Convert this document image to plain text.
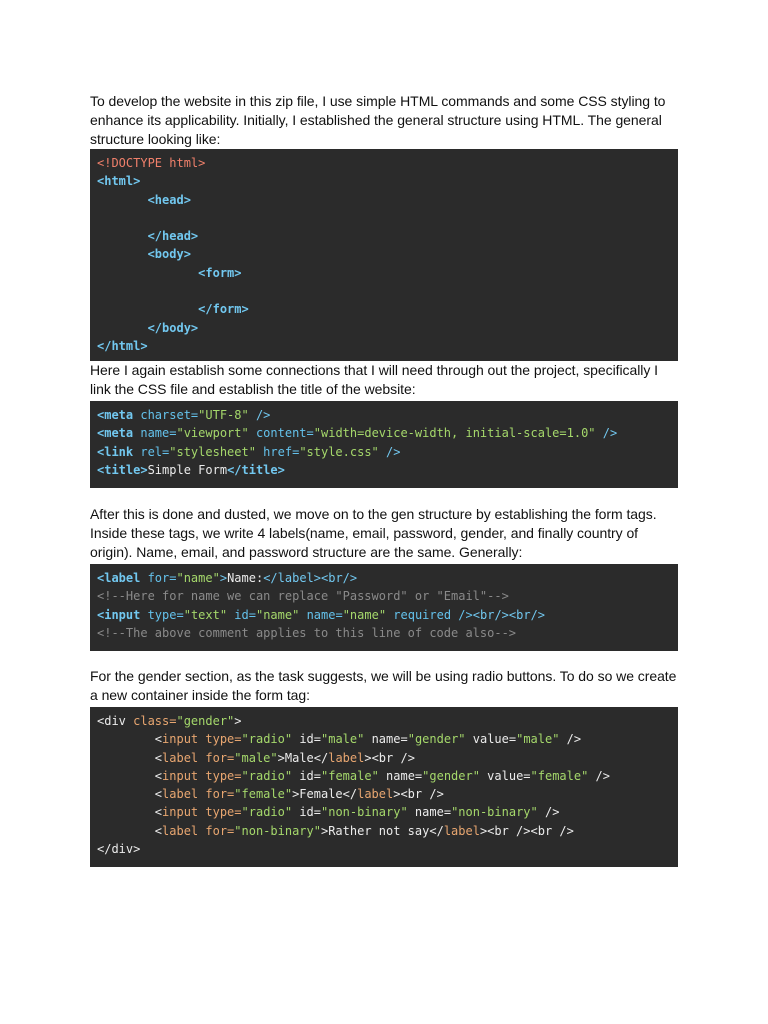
To develop the website in this zip file, I use simple HTML commands and some CSS styling to enhance its applicability. Initially, I established the general structure using HTML. The general structure looking like:

<!DOCTYPE html>
<html>
<head>
</head>
<body>
<form>
</form>
</body>
</html>

Here I again establish some connections that I will need through out the project, specifically I link the CSS file and establish the title of the website:

<meta charset="UTF-8" />
<meta name="viewport" content="width=device-width, initial-scale=1.0" />
<link rel="stylesheet" href="style.css" />
<title>Simple Form</title>

After this is done and dusted, we move on to the gen structure by establishing the form tags. Inside these tags, we write 4 labels(name, email, password, gender, and finally country of origin). Name, email, and password structure are the same. Generally:

<label for="name">Name:</label><br/>
<!--Here for name we can replace "Password" or "Email"-->
<input type="text" id="name" name="name" required /><br/><br/>
<!--The above comment applies to this line of code also-->

For the gender section, as the task suggests, we will be using radio buttons. To do so we create a new container inside the form tag:

<div class="gender">
<input type="radio" id="male" name="gender" value="male" />
<label for="male">Male</label><br />
<input type="radio" id="female" name="gender" value="female" />
<label for="female">Female</label><br />
<input type="radio" id="non-binary" name="non-binary" />
<label for="non-binary">Rather not say</label><br /><br />
</div>
